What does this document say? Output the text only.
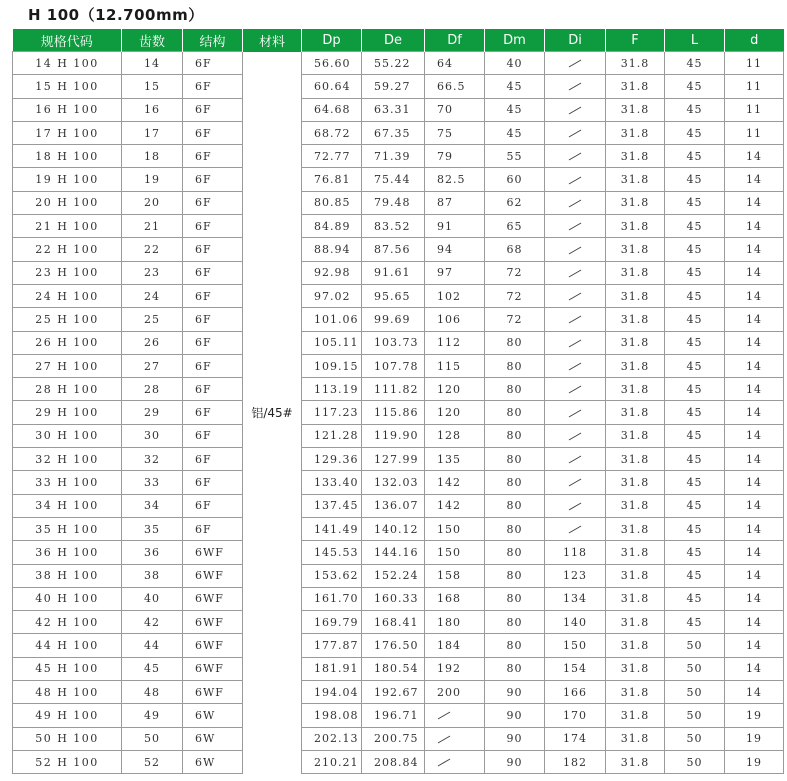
H 100（12.700mm）
规格代码	齿数	结构	材料	Dp	De	Df	Dm	Di	F	L	d
14 H 100	14	6F	铝/45#	56.60	55.22	64	40		31.8	45	11
15 H 100	15	6F		60.64	59.27	66.5	45		31.8	45	11
16 H 100	16	6F		64.68	63.31	70	45		31.8	45	11
17 H 100	17	6F		68.72	67.35	75	45		31.8	45	11
18 H 100	18	6F		72.77	71.39	79	55		31.8	45	14
19 H 100	19	6F		76.81	75.44	82.5	60		31.8	45	14
20 H 100	20	6F		80.85	79.48	87	62		31.8	45	14
21 H 100	21	6F		84.89	83.52	91	65		31.8	45	14
22 H 100	22	6F		88.94	87.56	94	68		31.8	45	14
23 H 100	23	6F		92.98	91.61	97	72		31.8	45	14
24 H 100	24	6F		97.02	95.65	102	72		31.8	45	14
25 H 100	25	6F		101.06	99.69	106	72		31.8	45	14
26 H 100	26	6F		105.11	103.73	112	80		31.8	45	14
27 H 100	27	6F		109.15	107.78	115	80		31.8	45	14
28 H 100	28	6F		113.19	111.82	120	80		31.8	45	14
29 H 100	29	6F		117.23	115.86	120	80		31.8	45	14
30 H 100	30	6F		121.28	119.90	128	80		31.8	45	14
32 H 100	32	6F		129.36	127.99	135	80		31.8	45	14
33 H 100	33	6F		133.40	132.03	142	80		31.8	45	14
34 H 100	34	6F		137.45	136.07	142	80		31.8	45	14
35 H 100	35	6F		141.49	140.12	150	80		31.8	45	14
36 H 100	36	6WF		145.53	144.16	150	80	118	31.8	45	14
38 H 100	38	6WF		153.62	152.24	158	80	123	31.8	45	14
40 H 100	40	6WF		161.70	160.33	168	80	134	31.8	45	14
42 H 100	42	6WF		169.79	168.41	180	80	140	31.8	45	14
44 H 100	44	6WF		177.87	176.50	184	80	150	31.8	50	14
45 H 100	45	6WF		181.91	180.54	192	80	154	31.8	50	14
48 H 100	48	6WF		194.04	192.67	200	90	166	31.8	50	14
49 H 100	49	6W		198.08	196.71		90	170	31.8	50	19
50 H 100	50	6W		202.13	200.75		90	174	31.8	50	19
52 H 100	52	6W		210.21	208.84		90	182	31.8	50	19
